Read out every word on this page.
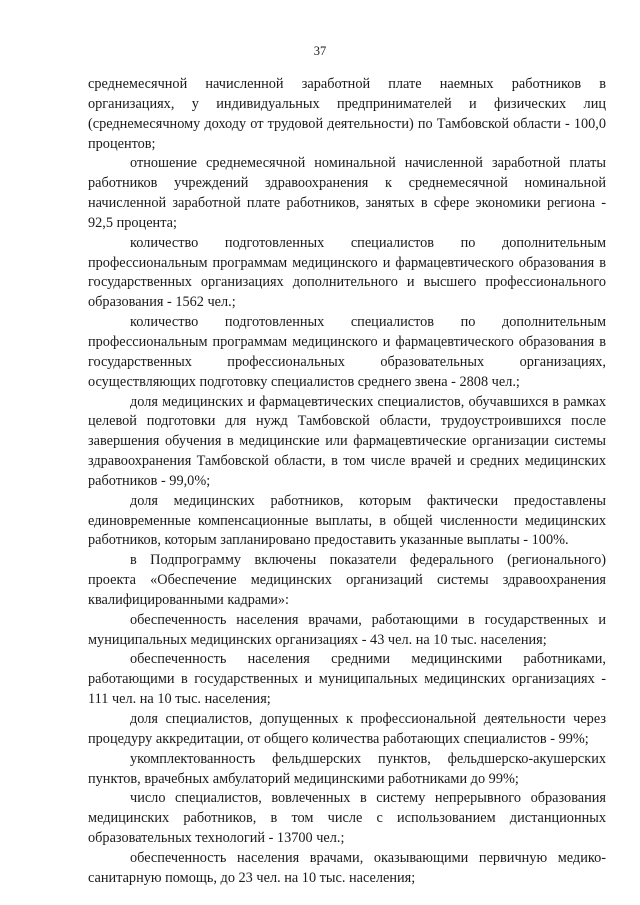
37

среднемесячной начисленной заработной плате наемных работников в организациях, у индивидуальных предпринимателей и физических лиц (среднемесячному доходу от трудовой деятельности) по Тамбовской области - 100,0 процентов;

отношение среднемесячной номинальной начисленной заработной платы работников учреждений здравоохранения к среднемесячной номинальной начисленной заработной плате работников, занятых в сфере экономики региона - 92,5 процента;

количество подготовленных специалистов по дополнительным профессиональным программам медицинского и фармацевтического образования в государственных организациях дополнительного и высшего профессионального образования - 1562 чел.;

количество подготовленных специалистов по дополнительным профессиональным программам медицинского и фармацевтического образования в государственных профессиональных образовательных организациях, осуществляющих подготовку специалистов среднего звена - 2808 чел.;

доля медицинских и фармацевтических специалистов, обучавшихся в рамках целевой подготовки для нужд Тамбовской области, трудоустроившихся после завершения обучения в медицинские или фармацевтические организации системы здравоохранения Тамбовской области, в том числе врачей и средних медицинских работников - 99,0%;

доля медицинских работников, которым фактически предоставлены единовременные компенсационные выплаты, в общей численности медицинских работников, которым запланировано предоставить указанные выплаты - 100%.

в Подпрограмму включены показатели федерального (регионального) проекта «Обеспечение медицинских организаций системы здравоохранения квалифицированными кадрами»:

обеспеченность населения врачами, работающими в государственных и муниципальных медицинских организациях - 43 чел. на 10 тыс. населения;

обеспеченность населения средними медицинскими работниками, работающими в государственных и муниципальных медицинских организациях - 111 чел. на 10 тыс. населения;

доля специалистов, допущенных к профессиональной деятельности через процедуру аккредитации, от общего количества работающих специалистов - 99%;

укомплектованность фельдшерских пунктов, фельдшерско-акушерских пунктов, врачебных амбулаторий медицинскими работниками до 99%;

число специалистов, вовлеченных в систему непрерывного образования медицинских работников, в том числе с использованием дистанционных образовательных технологий - 13700 чел.;

обеспеченность населения врачами, оказывающими первичную медико-санитарную помощь, до 23 чел. на 10 тыс. населения;
